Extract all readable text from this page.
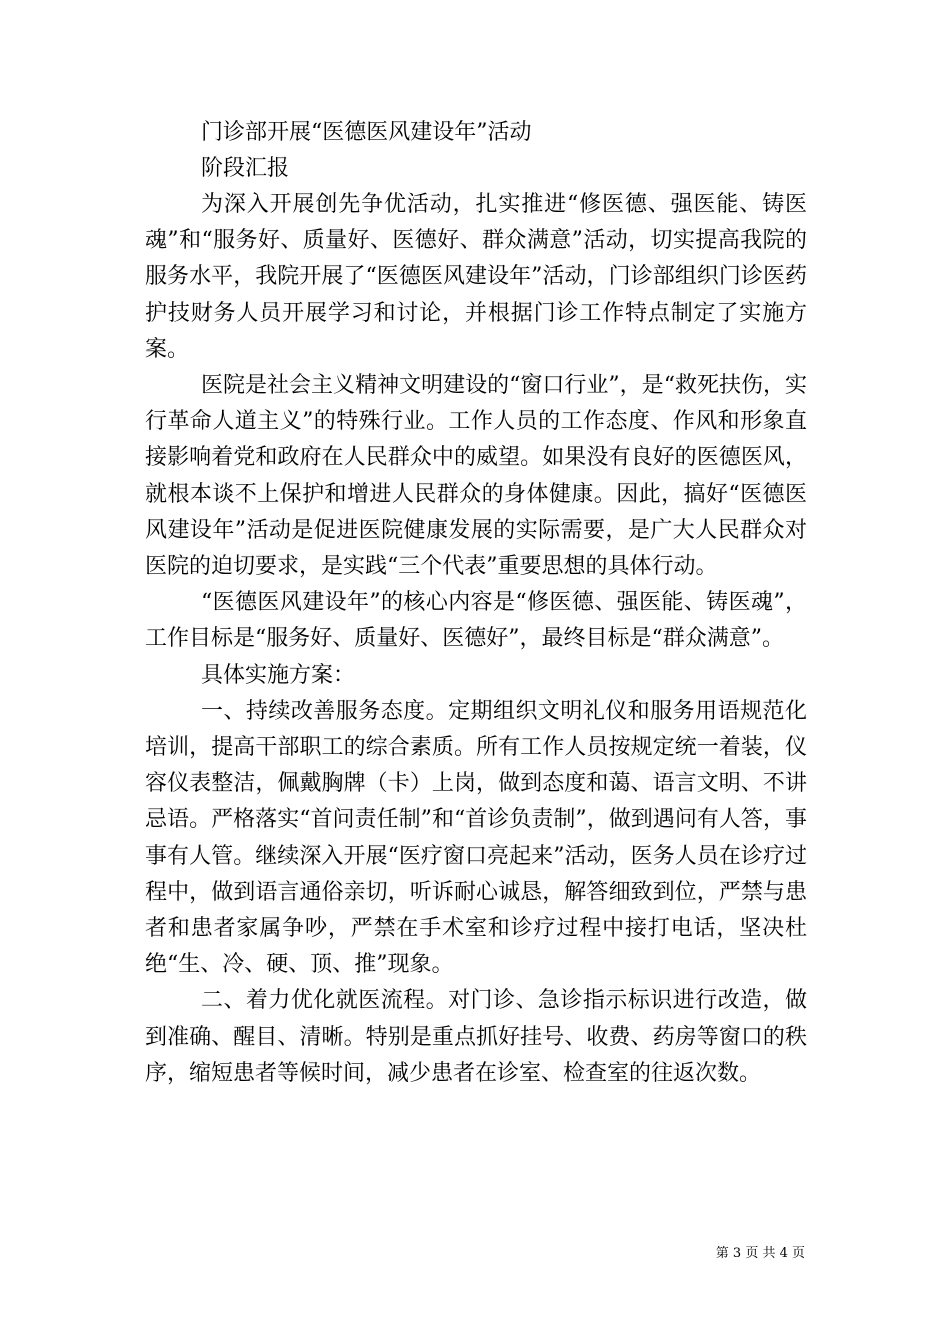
门诊部开展“医德医风建设年”活动

阶段汇报

为深入开展创先争优活动，扎实推进“修医德、强医能、铸医魂”和“服务好、质量好、医德好、群众满意”活动，切实提高我院的服务水平，我院开展了“医德医风建设年”活动，门诊部组织门诊医药护技财务人员开展学习和讨论，并根据门诊工作特点制定了实施方案。

医院是社会主义精神文明建设的“窗口行业”，是“救死扶伤，实行革命人道主义”的特殊行业。工作人员的工作态度、作风和形象直接影响着党和政府在人民群众中的威望。如果没有良好的医德医风，就根本谈不上保护和增进人民群众的身体健康。因此，搞好“医德医风建设年”活动是促进医院健康发展的实际需要，是广大人民群众对医院的迫切要求，是实践“三个代表”重要思想的具体行动。

“医德医风建设年”的核心内容是“修医德、强医能、铸医魂”，工作目标是“服务好、质量好、医德好”，最终目标是“群众满意”。

具体实施方案：

一、持续改善服务态度。定期组织文明礼仪和服务用语规范化培训，提高干部职工的综合素质。所有工作人员按规定统一着装，仪容仪表整洁，佩戴胸牌（卡）上岗，做到态度和蔼、语言文明、不讲忌语。严格落实“首问责任制”和“首诊负责制”，做到遇问有人答，事事有人管。继续深入开展“医疗窗口亮起来”活动，医务人员在诊疗过程中，做到语言通俗亲切，听诉耐心诚恳，解答细致到位，严禁与患者和患者家属争吵，严禁在手术室和诊疗过程中接打电话，坚决杜绝“生、冷、硬、顶、推”现象。

二、着力优化就医流程。对门诊、急诊指示标识进行改造，做到准确、醒目、清晰。特别是重点抓好挂号、收费、药房等窗口的秩序，缩短患者等候时间，减少患者在诊室、检查室的往返次数。

第 3 页 共 4 页
